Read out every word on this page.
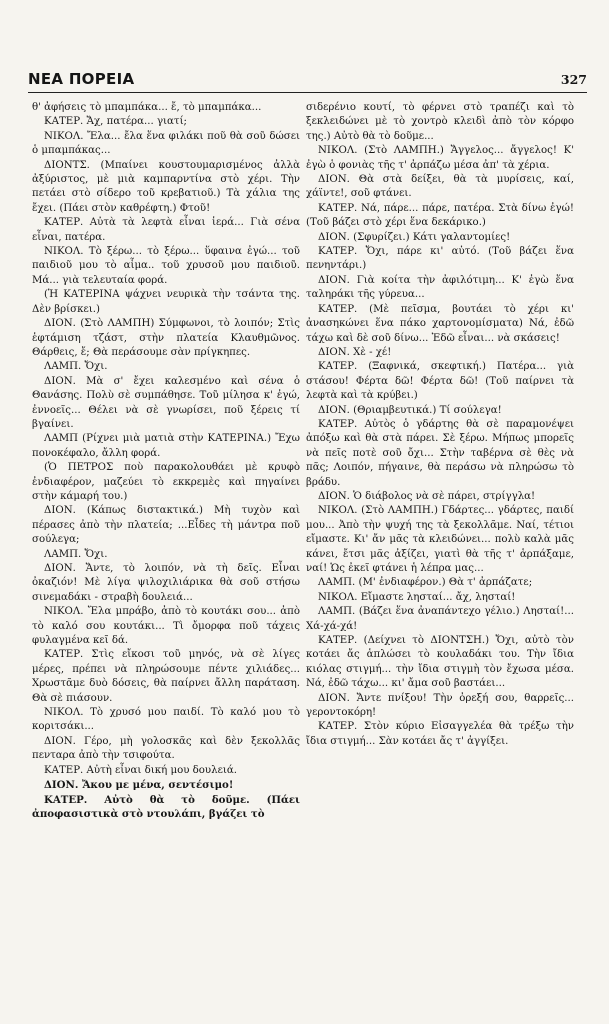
ΝΕΑ ΠΟΡΕΙΑ	327

θ' ἀφήσεις τὸ μπαμπάκα... ἔ, τὸ μπαμπάκα...

ΚΑΤΕΡ. Ἄχ, πατέρα... γιατί;

ΝΙΚΟΛ. Ἔλα... ἔλα ἕνα φιλάκι ποῦ θὰ σοῦ δώσει ὁ μπαμπάκας...

ΔΙΟΝΤΣ. (Μπαίνει κουστουμαρισμένος ἀλλὰ ἀξύριστος, μὲ μιὰ καμπαρντίνα στὸ χέρι. Τὴν πετάει στὸ σίδερο τοῦ κρεβατιοῦ.) Τὰ χάλια της ἔχει. (Πάει στὸν καθρέφτη.) Φτοῦ!

ΚΑΤΕΡ. Αὐτὰ τὰ λεφτὰ εἶναι ἱερά... Γιὰ σένα εἶναι, πατέρα.

ΝΙΚΟΛ. Τὸ ξέρω... τὸ ξέρω... ὕφαινα ἐγώ... τοῦ παιδιοῦ μου τὸ αἷμα.. τοῦ χρυσοῦ μου παιδιοῦ. Μά... γιὰ τελευταία φορά.

(Ἡ ΚΑΤΕΡΙΝΑ ψάχνει νευρικὰ τὴν τσάντα της. Δὲν βρίσκει.)

ΔΙΟΝ. (Στὸ ΛΑΜΠΗ) Σύμφωνοι, τὸ λοιπόν; Στὶς ἑφτάμιση τζάστ, στὴν πλατεία Κλαυθμῶνος. Θάρθεις, ἔ; Θὰ περάσουμε σὰν πρίγκηπες.

ΛΑΜΠ. Ὄχι.

ΔΙΟΝ. Μὰ σ' ἔχει καλεσμένο καὶ σένα ὁ Θανάσης. Πολὺ σὲ συμπάθησε. Τοῦ μίλησα κ' ἐγώ, ἐννοεῖς... Θέλει νὰ σὲ γνωρίσει, ποῦ ξέρεις τί βγαίνει.

ΛΑΜΠ (Ρίχνει μιὰ ματιὰ στὴν ΚΑΤΕΡΙΝΑ.) Ἔχω πονοκέφαλο, ἄλλη φορά.

(Ὁ ΠΕΤΡΟΣ ποὺ παρακολουθάει μὲ κρυφὸ ἐνδιαφέρον, μαζεύει τὸ εκκρεμὲς καὶ πηγαίνει στὴν κάμαρή του.)

ΔΙΟΝ. (Κάπως διστακτικά.) Μὴ τυχὸν καὶ πέρασες ἀπὸ τὴν πλατεία; ...Εἶδες τὴ μάντρα ποῦ σούλεγα;

ΛΑΜΠ. Ὄχι.

ΔΙΟΝ. Ἄντε, τὸ λοιπόν, νὰ τὴ δεῖς. Εἶναι ὀκαζιόν! Μὲ λίγα ψιλοχιλιάρικα θὰ σοῦ στήσω σινεμαδάκι - στραβὴ δουλειά...

ΝΙΚΟΛ. Ἔλα μπράβο, ἀπὸ τὸ κουτάκι σου... ἀπὸ τὸ καλό σου κουτάκι... Τὶ ὄμορφα ποῦ τάχεις φυλαγμένα κεῖ δά.

ΚΑΤΕΡ. Στὶς εἴκοσι τοῦ μηνός, νὰ σὲ λίγες μέρες, πρέπει νὰ πληρώσουμε πέντε χιλιάδες... Χρωστᾶμε δυὸ δόσεις, θὰ παίρνει ἄλλη παράταση. Θὰ σὲ πιάσουν.

ΝΙΚΟΛ. Τὸ χρυσό μου παιδί. Τὸ καλό μου τὸ κοριτσάκι...

ΔΙΟΝ. Γέρο, μὴ γολοσκᾶς καὶ δὲν ξεκολλᾶς πενταρα ἀπὸ τὴν τσιφούτα.

ΚΑΤΕΡ. Αὐτὴ εἶναι δική μου δουλειά.

ΔΙΟΝ. Ἄκου με μένα, σεντέσιμο!

ΚΑΤΕΡ. Αὐτὸ θὰ τὸ δοῦμε. (Πάει ἀποφασιστικὰ στὸ ντουλάπι, βγάζει τὸ

σιδερένιο κουτί, τὸ φέρνει στὸ τραπέζι καὶ τὸ ξεκλειδώνει μὲ τὸ χοντρὸ κλειδὶ ἀπὸ τὸν κόρφο της.) Αὐτὸ θὰ τὸ δοῦμε...

ΝΙΚΟΛ. (Στὸ ΛΑΜΠΗ.) Ἄγγελος... ἄγγελος! Κ' ἐγὼ ὁ φονιὰς τῆς τ' ἀρπάζω μέσα ἀπ' τὰ χέρια.

ΔΙΟΝ. Θὰ στὰ δείξει, θὰ τὰ μυρίσεις, καί, χάϊντε!, σοῦ φτάνει.

ΚΑΤΕΡ. Νά, πάρε... πάρε, πατέρα. Στὰ δίνω ἐγώ! (Τοῦ βάζει στὸ χέρι ἕνα δεκάρικο.)

ΔΙΟΝ. (Σφυρίζει.) Κάτι γαλαντομίες!

ΚΑΤΕΡ. Ὄχι, πάρε κι' αὐτό. (Τοῦ βάζει ἕνα πενηντάρι.)

ΔΙΟΝ. Γιὰ κοίτα τὴν ἀφιλότιμη... Κ' ἐγὼ ἕνα ταληράκι τῆς γύρευα...

ΚΑΤΕΡ. (Μὲ πεῖσμα, βουτάει τὸ χέρι κι' ἀνασηκώνει ἕνα πάκο χαρτονομίσματα) Νά, ἐδῶ τάχω καὶ δὲ σοῦ δίνω... Ἐδῶ εἶναι... νὰ σκάσεις!

ΔΙΟΝ. Χὲ - χέ!

ΚΑΤΕΡ. (Ξαφνικά, σκεφτική.) Πατέρα... γιὰ στάσου! Φέρτα δῶ! Φέρτα δῶ! (Τοῦ παίρνει τὰ λεφτὰ καὶ τὰ κρύβει.)

ΔΙΟΝ. (Θριαμβευτικά.) Τί σούλεγα!

ΚΑΤΕΡ. Αὐτὸς ὁ γδάρτης θὰ σὲ παραμονέψει ἀπόξω καὶ θὰ στὰ πάρει. Σὲ ξέρω. Μήπως μπορεῖς νὰ πεῖς ποτὲ σοῦ ὄχι... Στὴν ταβέρνα σὲ θὲς νὰ πᾶς; Λοιπόν, πήγαινε, θὰ περάσω νὰ πληρώσω τὸ βράδυ.

ΔΙΟΝ. Ὁ διάβολος νὰ σὲ πάρει, στρίγγλα!

ΝΙΚΟΛ. (Στὸ ΛΑΜΠΗ.) Γδάρτες... γδάρτες, παιδί μου... Ἀπὸ τὴν ψυχή της τὰ ξεκολλᾶμε. Ναί, τέτιοι εἴμαστε. Κι' ἄν μᾶς τὰ κλειδώνει... πολὺ καλὰ μᾶς κάνει, ἔτσι μᾶς ἀξίζει, γιατὶ θὰ τῆς τ' ἁρπάξαμε, ναί! Ὡς ἐκεῖ φτάνει ἡ λέπρα μας...

ΛΑΜΠ. (Μ' ἐνδιαφέρον.) Θὰ τ' ἀρπάζατε;

ΝΙΚΟΛ. Εἴμαστε λησταί... ἄχ, λησταί!

ΛΑΜΠ. (Βάζει ἕνα ἀναπάντεχο γέλιο.) Λησταί!... Χά-χά-χά!

ΚΑΤΕΡ. (Δείχνει τὸ ΔΙΟΝΤΣΗ.) Ὄχι, αὐτὸ τὸν κοτάει ἄς ἁπλώσει τὸ κουλαδάκι του. Τὴν ἴδια κιόλας στιγμή... τὴν ἴδια στιγμὴ τὸν ἔχωσα μέσα. Νά, ἐδῶ τάχω... κι' ἄμα σοῦ βαστάει...

ΔΙΟΝ. Ἄντε πνίξου! Τὴν ὀρεξή σου, θαρρεῖς... γεροντοκόρη!

ΚΑΤΕΡ. Στὸν κύριο Εἰσαγγελέα θὰ τρέξω τὴν ἴδια στιγμή... Σὰν κοτάει ἄς τ' ἀγγίξει.
